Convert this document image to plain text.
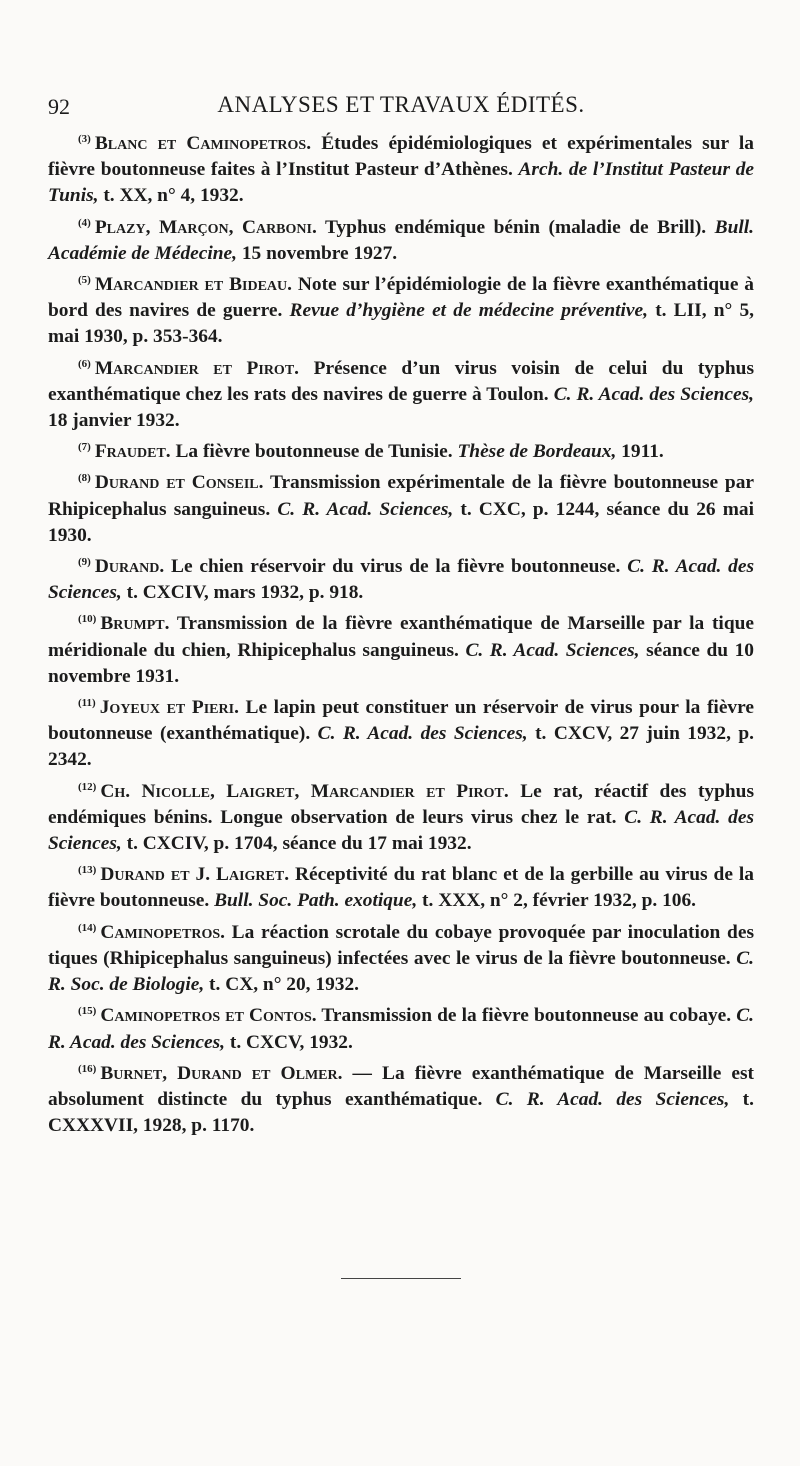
92	ANALYSES ET TRAVAUX ÉDITÉS.
$^{(3)}$ Blanc et Caminopetros. Études épidémiologiques et expérimentales sur la fièvre boutonneuse faites à l’Institut Pasteur d’Athènes. Arch. de l’Institut Pasteur de Tunis, t. XX, n° 4, 1932.
$^{(4)}$ Plazy, Marçon, Carboni. Typhus endémique bénin (maladie de Brill). Bull. Académie de Médecine, 15 novembre 1927.
$^{(5)}$ Marcandier et Bideau. Note sur l’épidémiologie de la fièvre exanthématique à bord des navires de guerre. Revue d’hygiène et de médecine préventive, t. LII, n° 5, mai 1930, p. 353-364.
$^{(6)}$ Marcandier et Pirot. Présence d’un virus voisin de celui du typhus exanthématique chez les rats des navires de guerre à Toulon. C. R. Acad. des Sciences, 18 janvier 1932.
$^{(7)}$ Fraudet. La fièvre boutonneuse de Tunisie. Thèse de Bordeaux, 1911.
$^{(8)}$ Durand et Conseil. Transmission expérimentale de la fièvre boutonneuse par Rhipicephalus sanguineus. C. R. Acad. Sciences, t. CXC, p. 1244, séance du 26 mai 1930.
$^{(9)}$ Durand. Le chien réservoir du virus de la fièvre boutonneuse. C. R. Acad. des Sciences, t. CXCIV, mars 1932, p. 918.
$^{(10)}$ Brumpt. Transmission de la fièvre exanthématique de Marseille par la tique méridionale du chien, Rhipicephalus sanguineus. C. R. Acad. Sciences, séance du 10 novembre 1931.
$^{(11)}$ Joyeux et Pieri. Le lapin peut constituer un réservoir de virus pour la fièvre boutonneuse (exanthématique). C. R. Acad. des Sciences, t. CXCV, 27 juin 1932, p. 2342.
$^{(12)}$ Ch. Nicolle, Laigret, Marcandier et Pirot. Le rat, réactif des typhus endémiques bénins. Longue observation de leurs virus chez le rat. C. R. Acad. des Sciences, t. CXCIV, p. 1704, séance du 17 mai 1932.
$^{(13)}$ Durand et J. Laigret. Réceptivité du rat blanc et de la gerbille au virus de la fièvre boutonneuse. Bull. Soc. Path. exotique, t. XXX, n° 2, février 1932, p. 106.
$^{(14)}$ Caminopetros. La réaction scrotale du cobaye provoquée par inoculation des tiques (Rhipicephalus sanguineus) infectées avec le virus de la fièvre boutonneuse. C. R. Soc. de Biologie, t. CX, n° 20, 1932.
$^{(15)}$ Caminopetros et Contos. Transmission de la fièvre boutonneuse au cobaye. C. R. Acad. des Sciences, t. CXCV, 1932.
$^{(16)}$ Burnet, Durand et Olmer. — La fièvre exanthématique de Marseille est absolument distincte du typhus exanthématique. C. R. Acad. des Sciences, t. CXXXVII, 1928, p. 1170.
